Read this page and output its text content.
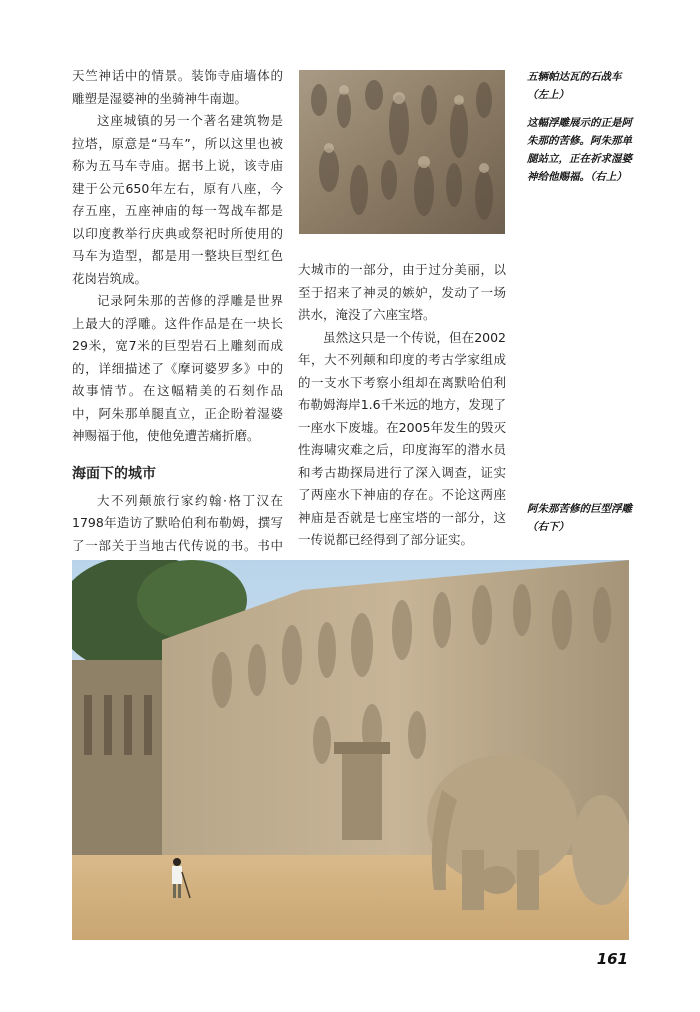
天竺神话中的情景。装饰寺庙墙体的雕塑是湿婆神的坐骑神牛南迦。

这座城镇的另一个著名建筑物是拉塔，原意是“马车”，所以这里也被称为五马车寺庙。据书上说，该寺庙建于公元650年左右，原有八座，今存五座，五座神庙的每一驾战车都是以印度教举行庆典或祭祀时所使用的马车为造型，都是用一整块巨型红色花岗岩筑成。

记录阿朱那的苦修的浮雕是世界上最大的浮雕。这件作品是在一块长29米，宽7米的巨型岩石上雕刻而成的，详细描述了《摩诃婆罗多》中的故事情节。在这幅精美的石刻作品中，阿朱那单腿直立，正企盼着湿婆神赐福于他，使他免遭苦痛折磨。

海面下的城市

大不列颠旅行家约翰·格丁汉在1798年造访了默哈伯利布勒姆，撰写了一部关于当地古代传说的书。书中

大城市的一部分，由于过分美丽，以至于招来了神灵的嫉妒，发动了一场洪水，淹没了六座宝塔。

虽然这只是一个传说，但在2002年，大不列颠和印度的考古学家组成的一支水下考察小组却在离默哈伯利布勒姆海岸1.6千米远的地方，发现了一座水下废墟。在2005年发生的毁灭性海啸灾难之后，印度海军的潜水员和考古勘探局进行了深入调查，证实了两座水下神庙的存在。不论这两座神庙是否就是七座宝塔的一部分，这一传说都已经得到了部分证实。

五辆帕达瓦的石战车（左上）
这幅浮雕展示的正是阿朱那的苦修。阿朱那单腿站立，正在祈求湿婆神给他赐福。（右上）
阿朱那苦修的巨型浮雕（右下）
161
